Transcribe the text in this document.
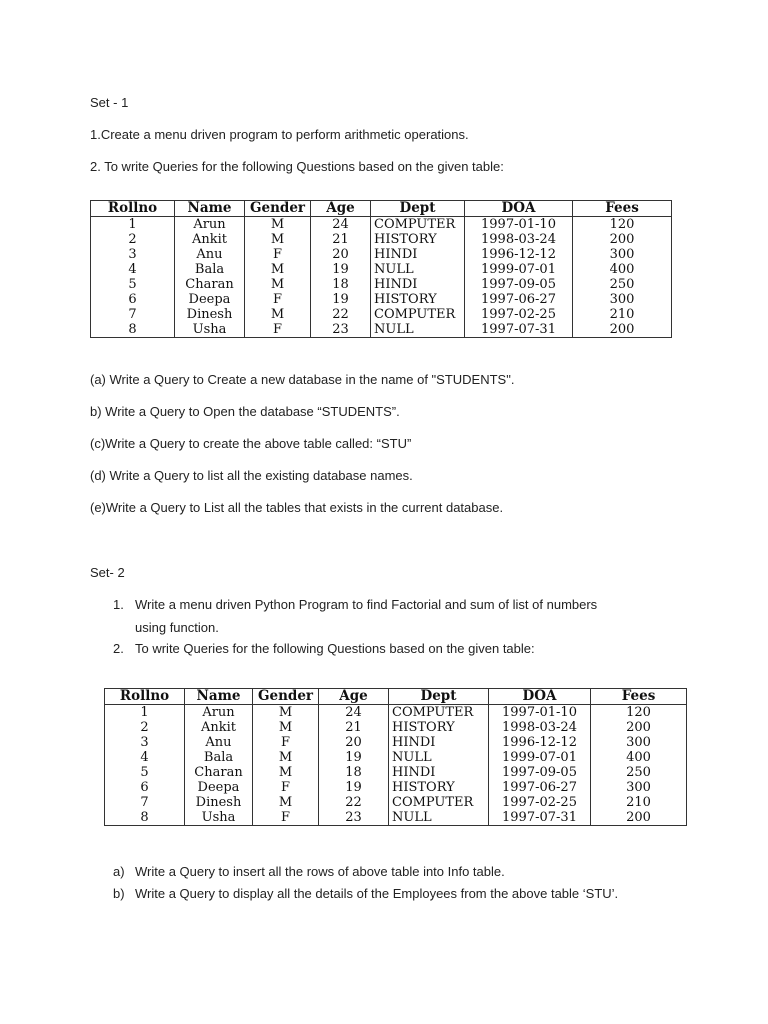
Set - 1

1.Create a menu driven program to perform arithmetic operations.

2. To write Queries for the following Questions based on the given table:

Rollno	Name	Gender	Age	Dept	DOA	Fees
1	Arun	M	24	COMPUTER	1997-01-10	120
2	Ankit	M	21	HISTORY	1998-03-24	200
3	Anu	F	20	HINDI	1996-12-12	300
4	Bala	M	19	NULL	1999-07-01	400
5	Charan	M	18	HINDI	1997-09-05	250
6	Deepa	F	19	HISTORY	1997-06-27	300
7	Dinesh	M	22	COMPUTER	1997-02-25	210
8	Usha	F	23	NULL	1997-07-31	200

(a) Write a Query to Create a new database in the name of "STUDENTS".

b) Write a Query to Open the database “STUDENTS”.

(c)Write a Query to create the above table called: “STU”

(d) Write a Query to list all the existing database names.

(e)Write a Query to List all the tables that exists in the current database.

Set- 2

1. Write a menu driven Python Program to find Factorial and sum of list of numbers
using function.
2. To write Queries for the following Questions based on the given table:
Rollno	Name	Gender	Age	Dept	DOA	Fees
1	Arun	M	24	COMPUTER	1997-01-10	120
2	Ankit	M	21	HISTORY	1998-03-24	200
3	Anu	F	20	HINDI	1996-12-12	300
4	Bala	M	19	NULL	1999-07-01	400
5	Charan	M	18	HINDI	1997-09-05	250
6	Deepa	F	19	HISTORY	1997-06-27	300
7	Dinesh	M	22	COMPUTER	1997-02-25	210
8	Usha	F	23	NULL	1997-07-31	200
a) Write a Query to insert all the rows of above table into Info table.
b) Write a Query to display all the details of the Employees from the above table ‘STU’.
